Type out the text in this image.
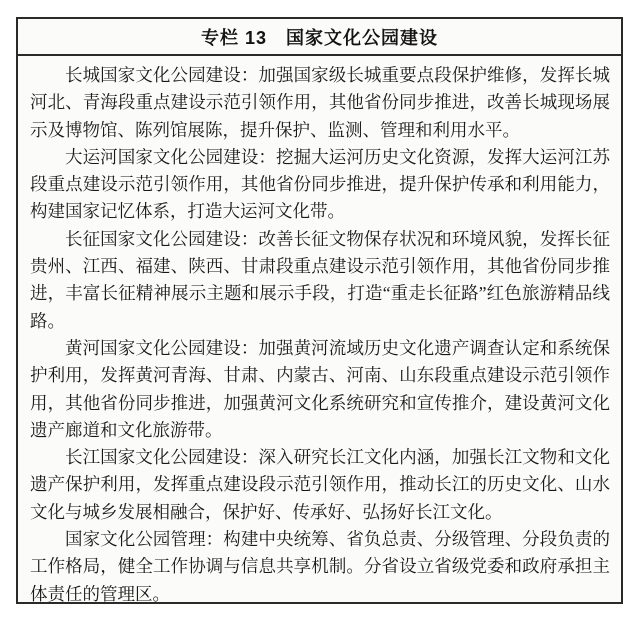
专栏 13　国家文化公园建设

长城国家文化公园建设：加强国家级长城重要点段保护维修，发挥长城河北、青海段重点建设示范引领作用，其他省份同步推进，改善长城现场展示及博物馆、陈列馆展陈，提升保护、监测、管理和利用水平。

大运河国家文化公园建设：挖掘大运河历史文化资源，发挥大运河江苏段重点建设示范引领作用，其他省份同步推进，提升保护传承和利用能力，构建国家记忆体系，打造大运河文化带。

长征国家文化公园建设：改善长征文物保存状况和环境风貌，发挥长征贵州、江西、福建、陕西、甘肃段重点建设示范引领作用，其他省份同步推进，丰富长征精神展示主题和展示手段，打造“重走长征路”红色旅游精品线路。

黄河国家文化公园建设：加强黄河流域历史文化遗产调查认定和系统保护利用，发挥黄河青海、甘肃、内蒙古、河南、山东段重点建设示范引领作用，其他省份同步推进，加强黄河文化系统研究和宣传推介，建设黄河文化遗产廊道和文化旅游带。

长江国家文化公园建设：深入研究长江文化内涵，加强长江文物和文化遗产保护利用，发挥重点建设段示范引领作用，推动长江的历史文化、山水文化与城乡发展相融合，保护好、传承好、弘扬好长江文化。

国家文化公园管理：构建中央统筹、省负总责、分级管理、分段负责的工作格局，健全工作协调与信息共享机制。分省设立省级党委和政府承担主体责任的管理区。
